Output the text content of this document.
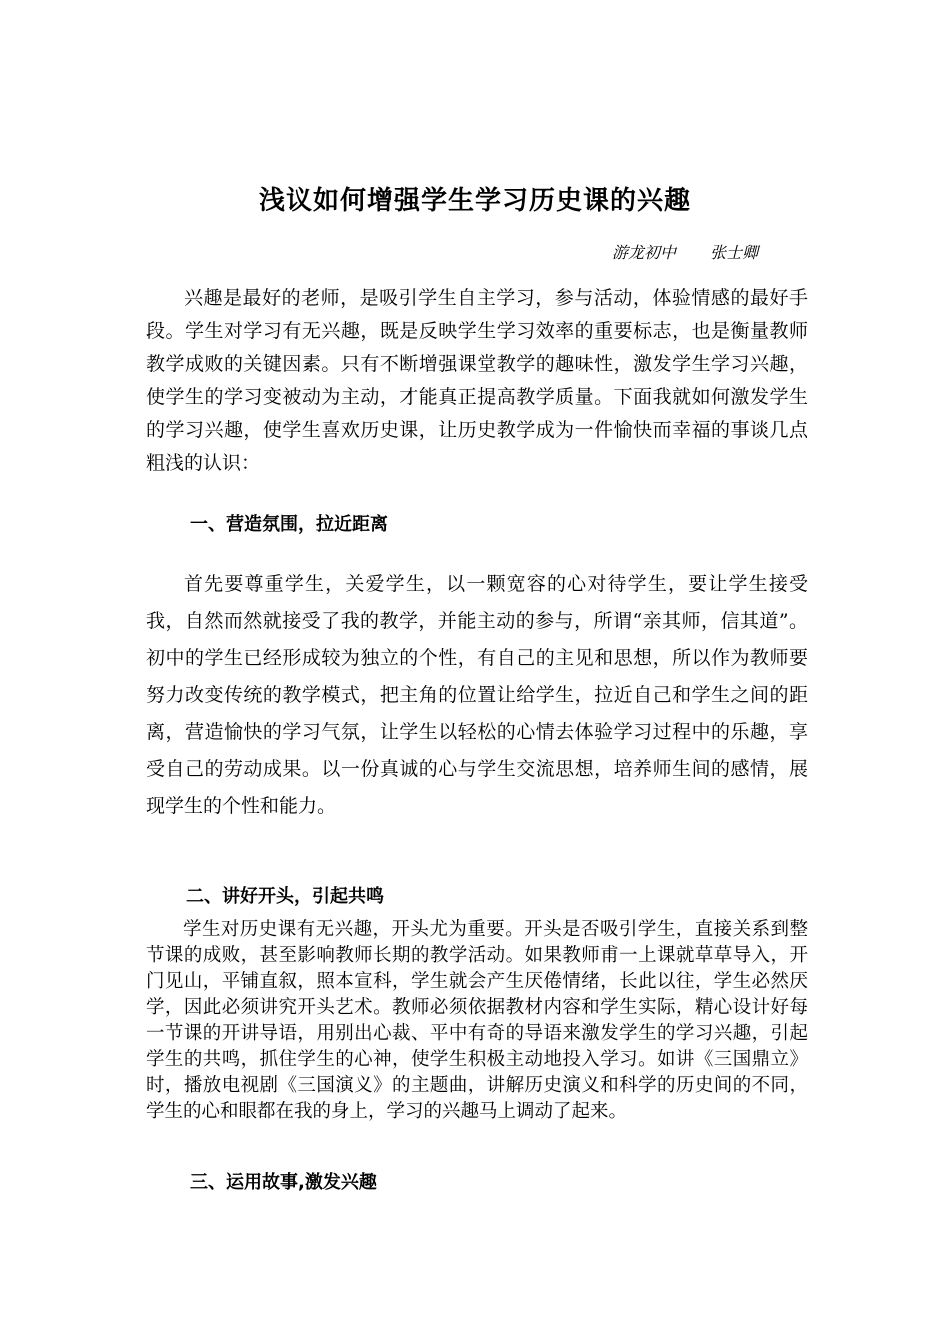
浅议如何增强学生学习历史课的兴趣
游龙初中 张士卿

兴趣是最好的老师，是吸引学生自主学习，参与活动，体验情感的最好手段。学生对学习有无兴趣，既是反映学生学习效率的重要标志，也是衡量教师教学成败的关键因素。只有不断增强课堂教学的趣味性，激发学生学习兴趣，使学生的学习变被动为主动，才能真正提高教学质量。下面我就如何激发学生的学习兴趣，使学生喜欢历史课，让历史教学成为一件愉快而幸福的事谈几点粗浅的认识：

一、营造氛围，拉近距离

首先要尊重学生，关爱学生，以一颗宽容的心对待学生，要让学生接受我，自然而然就接受了我的教学，并能主动的参与，所谓“亲其师，信其道”。初中的学生已经形成较为独立的个性，有自己的主见和思想，所以作为教师要努力改变传统的教学模式，把主角的位置让给学生，拉近自己和学生之间的距离，营造愉快的学习气氛，让学生以轻松的心情去体验学习过程中的乐趣，享受自己的劳动成果。以一份真诚的心与学生交流思想，培养师生间的感情，展现学生的个性和能力。

二、讲好开头，引起共鸣

学生对历史课有无兴趣，开头尤为重要。开头是否吸引学生，直接关系到整节课的成败，甚至影响教师长期的教学活动。如果教师甫一上课就草草导入，开门见山，平铺直叙，照本宣科，学生就会产生厌倦情绪，长此以往，学生必然厌学，因此必须讲究开头艺术。教师必须依据教材内容和学生实际，精心设计好每一节课的开讲导语，用别出心裁、平中有奇的导语来激发学生的学习兴趣，引起学生的共鸣，抓住学生的心神，使学生积极主动地投入学习。如讲《三国鼎立》时，播放电视剧《三国演义》的主题曲，讲解历史演义和科学的历史间的不同，学生的心和眼都在我的身上，学习的兴趣马上调动了起来。

三、运用故事,激发兴趣
